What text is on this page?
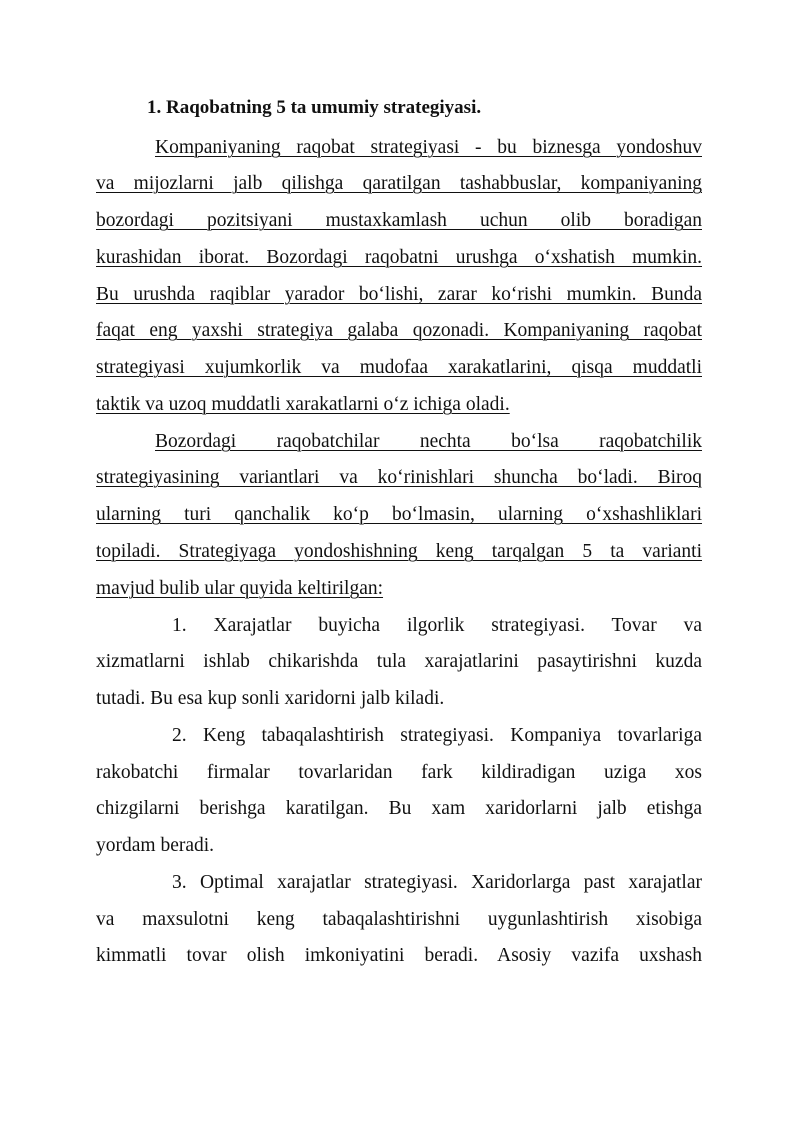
1. Raqobatning 5 ta umumiy strategiyasi.
Kompaniyaning raqobat strategiyasi - bu biznesga yondoshuv
va mijozlarni jalb qilishga qaratilgan tashabbuslar, kompaniyaning
bozordagi pozitsiyani mustaxkamlash uchun olib boradigan
kurashidan iborat. Bozordagi raqobatni urushga o‘xshatish mumkin.
Bu urushda raqiblar yarador bo‘lishi, zarar ko‘rishi mumkin. Bunda
faqat eng yaxshi strategiya galaba qozonadi. Kompaniyaning raqobat
strategiyasi xujumkorlik va mudofaa xarakatlarini, qisqa muddatli
taktik va uzoq muddatli xarakatlarni o‘z ichiga oladi.
Bozordagi raqobatchilar nechta bo‘lsa raqobatchilik
strategiyasining variantlari va ko‘rinishlari shuncha bo‘ladi. Biroq
ularning turi qanchalik ko‘p bo‘lmasin, ularning o‘xshashliklari
topiladi. Strategiyaga yondoshishning keng tarqalgan 5 ta varianti
mavjud bulib ular quyida keltirilgan:
1. Xarajatlar buyicha ilgorlik strategiyasi. Tovar va
xizmatlarni ishlab chikarishda tula xarajatlarini pasaytirishni kuzda
tutadi. Bu esa kup sonli xaridorni jalb kiladi.
2. Keng tabaqalashtirish strategiyasi. Kompaniya tovarlariga
rakobatchi firmalar tovarlaridan fark kildiradigan uziga xos
chizgilarni berishga karatilgan. Bu xam xaridorlarni jalb etishga
yordam beradi.
3. Optimal xarajatlar strategiyasi. Xaridorlarga past xarajatlar
va maxsulotni keng tabaqalashtirishni uygunlashtirish xisobiga
kimmatli tovar olish imkoniyatini beradi. Asosiy vazifa uxshash
